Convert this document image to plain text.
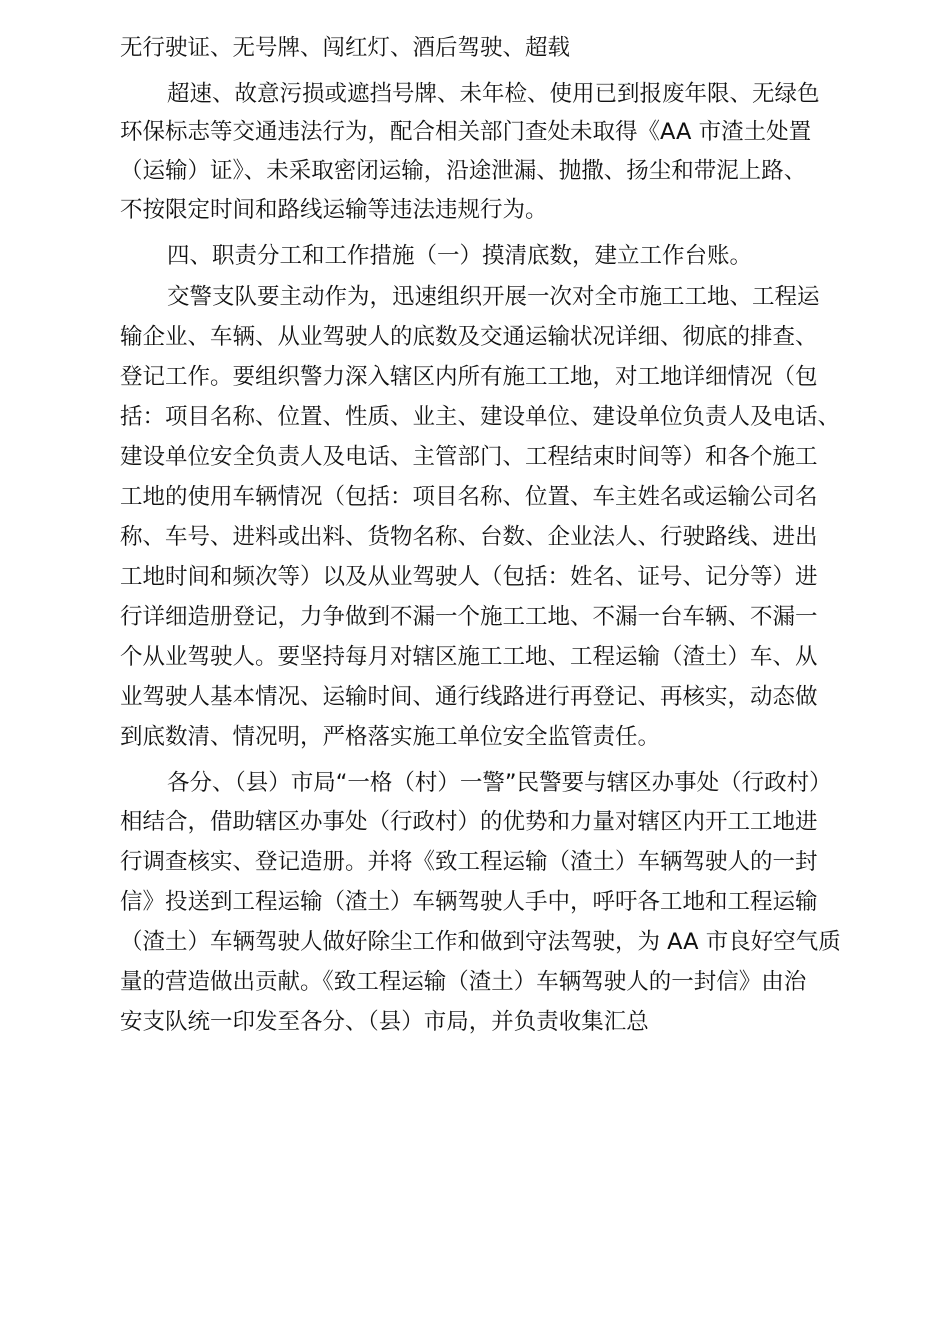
无行驶证、无号牌、闯红灯、酒后驾驶、超载
超速、故意污损或遮挡号牌、未年检、使用已到报废年限、无绿色
环保标志等交通违法行为，配合相关部门查处未取得《AA 市渣土处置
（运输）证》、未采取密闭运输，沿途泄漏、抛撒、扬尘和带泥上路、
不按限定时间和路线运输等违法违规行为。
四、职责分工和工作措施（一）摸清底数，建立工作台账。
交警支队要主动作为，迅速组织开展一次对全市施工工地、工程运
输企业、车辆、从业驾驶人的底数及交通运输状况详细、彻底的排查、
登记工作。要组织警力深入辖区内所有施工工地，对工地详细情况（包
括：项目名称、位置、性质、业主、建设单位、建设单位负责人及电话、
建设单位安全负责人及电话、主管部门、工程结束时间等）和各个施工
工地的使用车辆情况（包括：项目名称、位置、车主姓名或运输公司名
称、车号、进料或出料、货物名称、台数、企业法人、行驶路线、进出
工地时间和频次等）以及从业驾驶人（包括：姓名、证号、记分等）进
行详细造册登记，力争做到不漏一个施工工地、不漏一台车辆、不漏一
个从业驾驶人。要坚持每月对辖区施工工地、工程运输（渣土）车、从
业驾驶人基本情况、运输时间、通行线路进行再登记、再核实，动态做
到底数清、情况明，严格落实施工单位安全监管责任。
各分、（县）市局“一格（村）一警”民警要与辖区办事处（行政村）
相结合，借助辖区办事处（行政村）的优势和力量对辖区内开工工地进
行调查核实、登记造册。并将《致工程运输（渣土）车辆驾驶人的一封
信》投送到工程运输（渣土）车辆驾驶人手中，呼吁各工地和工程运输
（渣土）车辆驾驶人做好除尘工作和做到守法驾驶，为 AA 市良好空气质
量的营造做出贡献。《致工程运输（渣土）车辆驾驶人的一封信》由治
安支队统一印发至各分、（县）市局，并负责收集汇总
